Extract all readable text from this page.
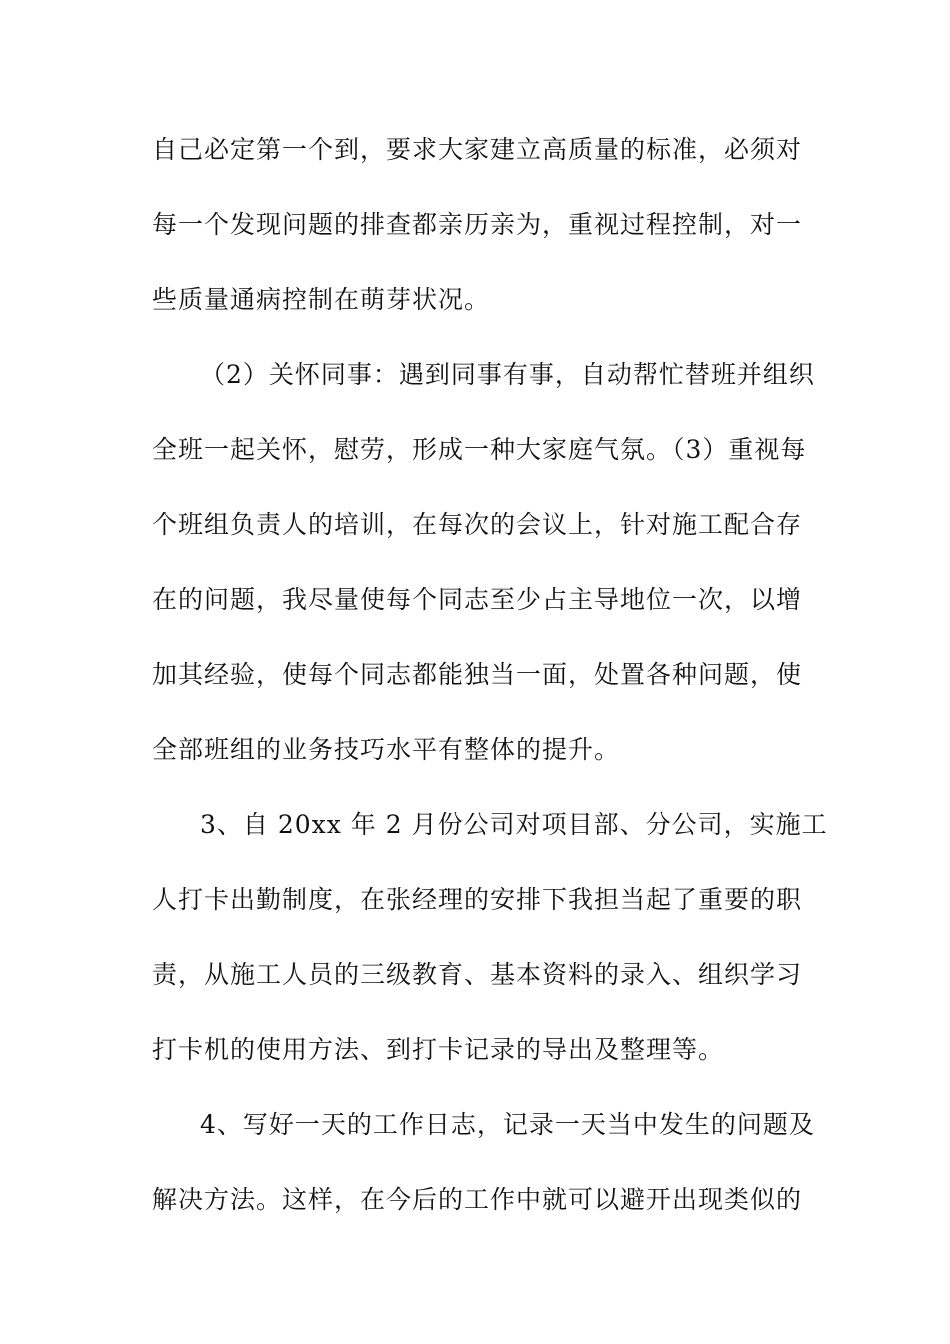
自己必定第一个到，要求大家建立高质量的标准，必须对
每一个发现问题的排查都亲历亲为，重视过程控制，对一
些质量通病控制在萌芽状况。
（2）关怀同事：遇到同事有事，自动帮忙替班并组织
全班一起关怀，慰劳，形成一种大家庭气氛。（3）重视每
个班组负责人的培训，在每次的会议上，针对施工配合存
在的问题，我尽量使每个同志至少占主导地位一次，以增
加其经验，使每个同志都能独当一面，处置各种问题，使
全部班组的业务技巧水平有整体的提升。
3、自 20xx 年 2 月份公司对项目部、分公司，实施工
人打卡出勤制度，在张经理的安排下我担当起了重要的职
责，从施工人员的三级教育、基本资料的录入、组织学习
打卡机的使用方法、到打卡记录的导出及整理等。
4、写好一天的工作日志，记录一天当中发生的问题及
解决方法。这样，在今后的工作中就可以避开出现类似的
